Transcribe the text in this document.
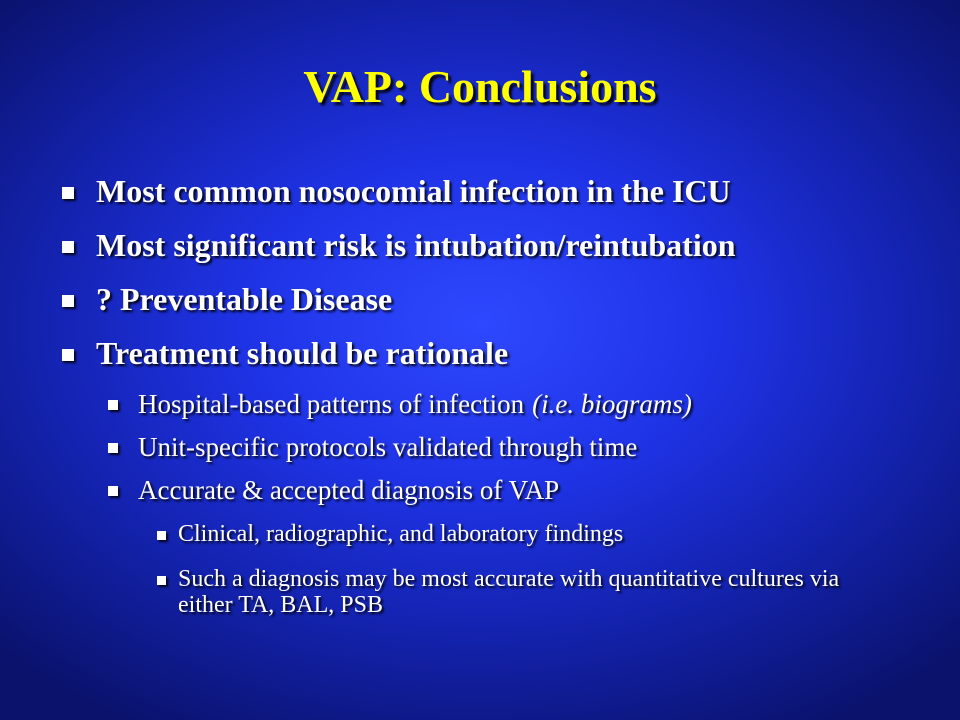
VAP: Conclusions
Most common nosocomial infection in the ICU
Most significant risk is intubation/reintubation
? Preventable Disease
Treatment should be rationale
Hospital-based patterns of infection (i.e. biograms)
Unit-specific protocols validated through time
Accurate & accepted diagnosis of VAP
Clinical, radiographic, and laboratory findings
Such a diagnosis may be most accurate with quantitative cultures via either TA, BAL, PSB
